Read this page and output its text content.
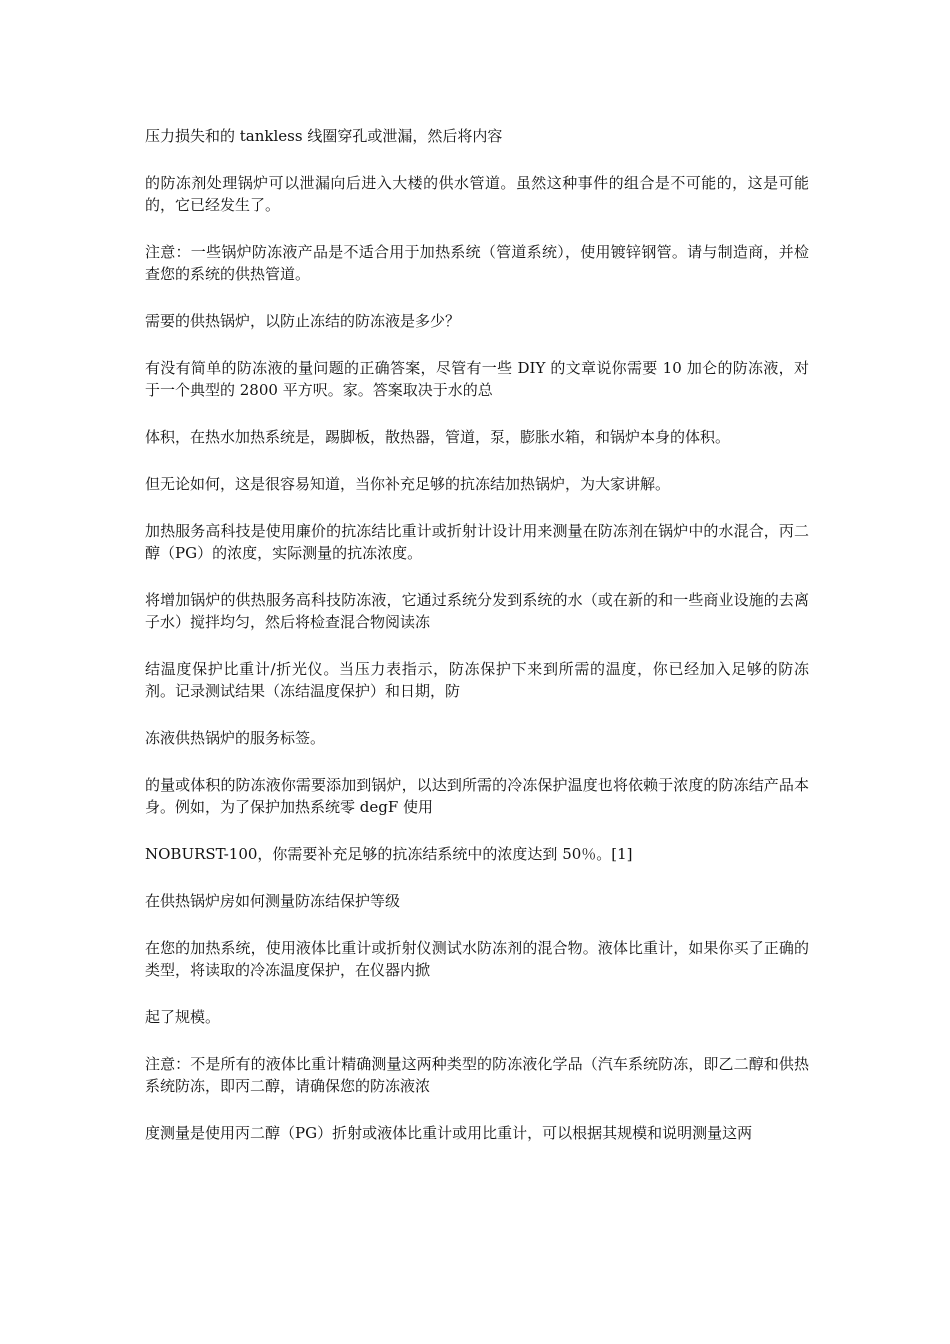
压力损失和的 tankless 线圈穿孔或泄漏，然后将内容

的防冻剂处理锅炉可以泄漏向后进入大楼的供水管道。虽然这种事件的组合是不可能的，这是可能的，它已经发生了。

注意：一些锅炉防冻液产品是不适合用于加热系统（管道系统），使用镀锌钢管。请与制造商，并检查您的系统的供热管道。

需要的供热锅炉，以防止冻结的防冻液是多少？

有没有简单的防冻液的量问题的正确答案，尽管有一些 DIY 的文章说你需要 10 加仑的防冻液，对于一个典型的 2800 平方呎。家。答案取决于水的总

体积，在热水加热系统是，踢脚板，散热器，管道，泵，膨胀水箱，和锅炉本身的体积。

但无论如何，这是很容易知道，当你补充足够的抗冻结加热锅炉，为大家讲解。

加热服务高科技是使用廉价的抗冻结比重计或折射计设计用来测量在防冻剂在锅炉中的水混合，丙二醇（PG）的浓度，实际测量的抗冻浓度。

将增加锅炉的供热服务高科技防冻液，它通过系统分发到系统的水（或在新的和一些商业设施的去离子水）搅拌均匀，然后将检查混合物阅读冻

结温度保护比重计/折光仪。当压力表指示，防冻保护下来到所需的温度，你已经加入足够的防冻剂。记录测试结果（冻结温度保护）和日期，防

冻液供热锅炉的服务标签。

的量或体积的防冻液你需要添加到锅炉，以达到所需的冷冻保护温度也将依赖于浓度的防冻结产品本身。例如，为了保护加热系统零 degF 使用

NOBURST-100，你需要补充足够的抗冻结系统中的浓度达到 50％。[1]

在供热锅炉房如何测量防冻结保护等级

在您的加热系统，使用液体比重计或折射仪测试水防冻剂的混合物。液体比重计，如果你买了正确的类型，将读取的冷冻温度保护，在仪器内掀

起了规模。

注意：不是所有的液体比重计精确测量这两种类型的防冻液化学品（汽车系统防冻，即乙二醇和供热系统防冻，即丙二醇，请确保您的防冻液浓

度测量是使用丙二醇（PG）折射或液体比重计或用比重计，可以根据其规模和说明测量这两
